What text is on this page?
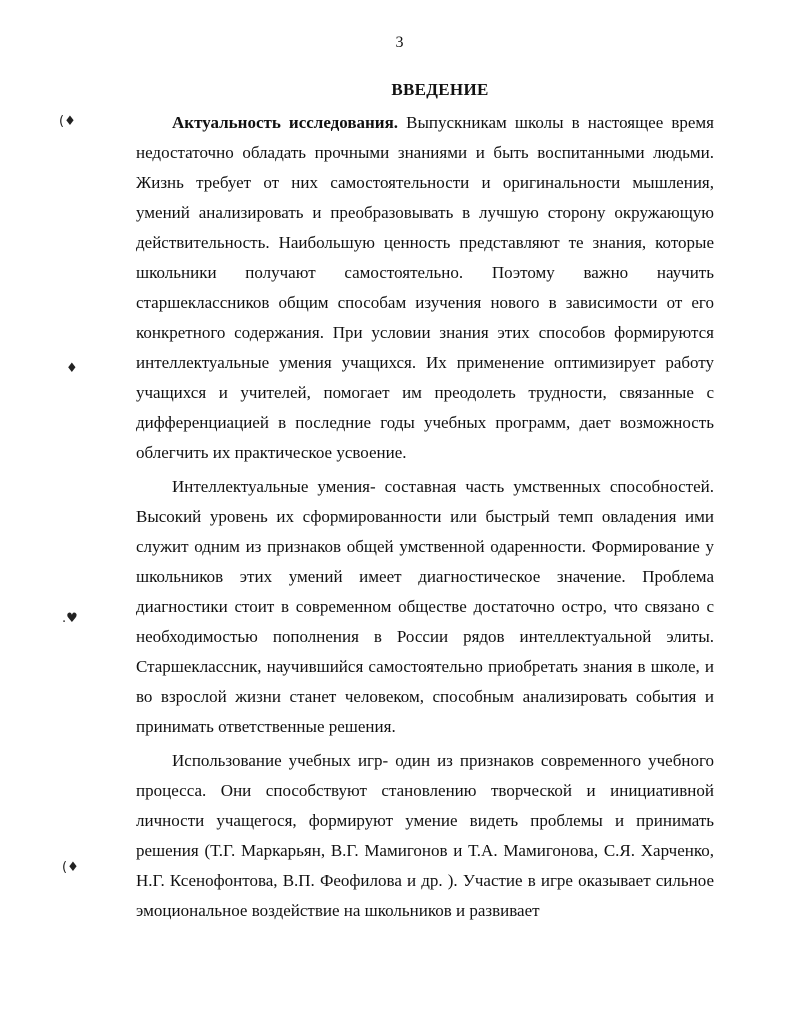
3
ВВЕДЕНИЕ
(♦
♦
.♥
(♦

Актуальность исследования. Выпускникам школы в настоящее время недостаточно обладать прочными знаниями и быть воспитанными людьми. Жизнь требует от них самостоятельности и оригинальности мышления, умений анализировать и преобразовывать в лучшую сторону окружающую действительность. Наибольшую ценность представляют те знания, которые школьники получают самостоятельно. Поэтому важно научить старшеклассников общим способам изучения нового в зависимости от его конкретного содержания. При условии знания этих способов формируются интеллектуальные умения учащихся. Их применение оптимизирует работу учащихся и учителей, помогает им преодолеть трудности, связанные с дифференциацией в последние годы учебных программ, дает возможность облегчить их практическое усвоение.

Интеллектуальные умения- составная часть умственных способностей. Высокий уровень их сформированности или быстрый темп овладения ими служит одним из признаков общей умственной одаренности. Формирование у школьников этих умений имеет диагностическое значение. Проблема диагностики стоит в современном обществе достаточно остро, что связано с необходимостью пополнения в России рядов интеллектуальной элиты. Старшеклассник, научившийся самостоятельно приобретать знания в школе, и во взрослой жизни станет человеком, способным анализировать события и принимать ответственные решения.

Использование учебных игр- один из признаков современного учебного процесса. Они способствуют становлению творческой и инициативной личности учащегося, формируют умение видеть проблемы и принимать решения (Т.Г. Маркарьян, В.Г. Мамигонов и Т.А. Мамигонова, С.Я. Харченко, Н.Г. Ксенофонтова, В.П. Феофилова и др. ). Участие в игре оказывает сильное эмоциональное воздействие на школьников и развивает
